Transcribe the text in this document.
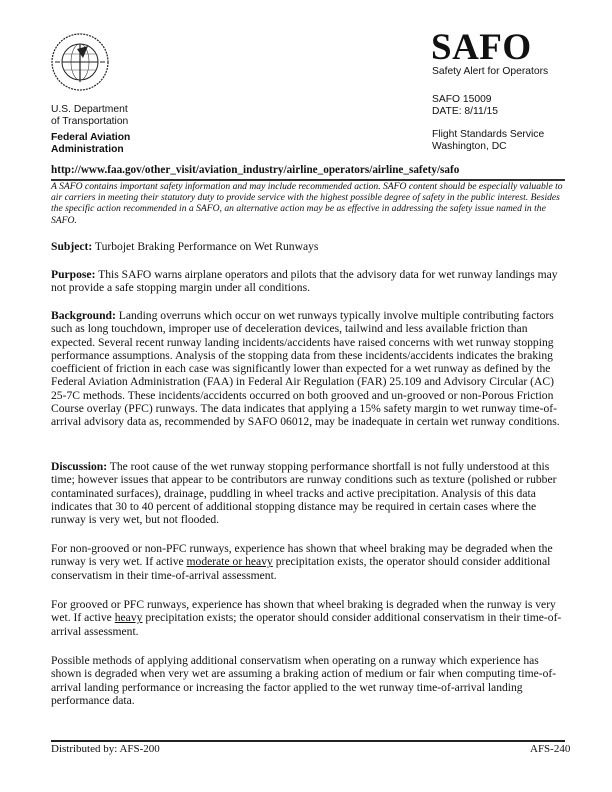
U.S. Department
of Transportation
Federal Aviation
Administration
SAFO
Safety Alert for Operators
SAFO 15009
DATE: 8/11/15
Flight Standards Service
Washington, DC
http://www.faa.gov/other_visit/aviation_industry/airline_operators/airline_safety/safo
A SAFO contains important safety information and may include recommended action. SAFO content should be especially valuable to air carriers in meeting their statutory duty to provide service with the highest possible degree of safety in the public interest. Besides the specific action recommended in a SAFO, an alternative action may be as effective in addressing the safety issue named in the SAFO.
Subject: Turbojet Braking Performance on Wet Runways
Purpose: This SAFO warns airplane operators and pilots that the advisory data for wet runway landings may not provide a safe stopping margin under all conditions.
Background: Landing overruns which occur on wet runways typically involve multiple contributing factors such as long touchdown, improper use of deceleration devices, tailwind and less available friction than expected. Several recent runway landing incidents/accidents have raised concerns with wet runway stopping performance assumptions. Analysis of the stopping data from these incidents/accidents indicates the braking coefficient of friction in each case was significantly lower than expected for a wet runway as defined by the Federal Aviation Administration (FAA) in Federal Air Regulation (FAR) 25.109 and Advisory Circular (AC) 25-7C methods. These incidents/accidents occurred on both grooved and un-grooved or non-Porous Friction Course overlay (PFC) runways. The data indicates that applying a 15% safety margin to wet runway time-of-arrival advisory data as, recommended by SAFO 06012, may be inadequate in certain wet runway conditions.
Discussion: The root cause of the wet runway stopping performance shortfall is not fully understood at this time; however issues that appear to be contributors are runway conditions such as texture (polished or rubber contaminated surfaces), drainage, puddling in wheel tracks and active precipitation. Analysis of this data indicates that 30 to 40 percent of additional stopping distance may be required in certain cases where the runway is very wet, but not flooded.
For non-grooved or non-PFC runways, experience has shown that wheel braking may be degraded when the runway is very wet. If active moderate or heavy precipitation exists, the operator should consider additional conservatism in their time-of-arrival assessment.
For grooved or PFC runways, experience has shown that wheel braking is degraded when the runway is very wet. If active heavy precipitation exists; the operator should consider additional conservatism in their time-of-arrival assessment.
Possible methods of applying additional conservatism when operating on a runway which experience has shown is degraded when very wet are assuming a braking action of medium or fair when computing time-of-arrival landing performance or increasing the factor applied to the wet runway time-of-arrival landing performance data.
Distributed by: AFS-200	AFS-240
